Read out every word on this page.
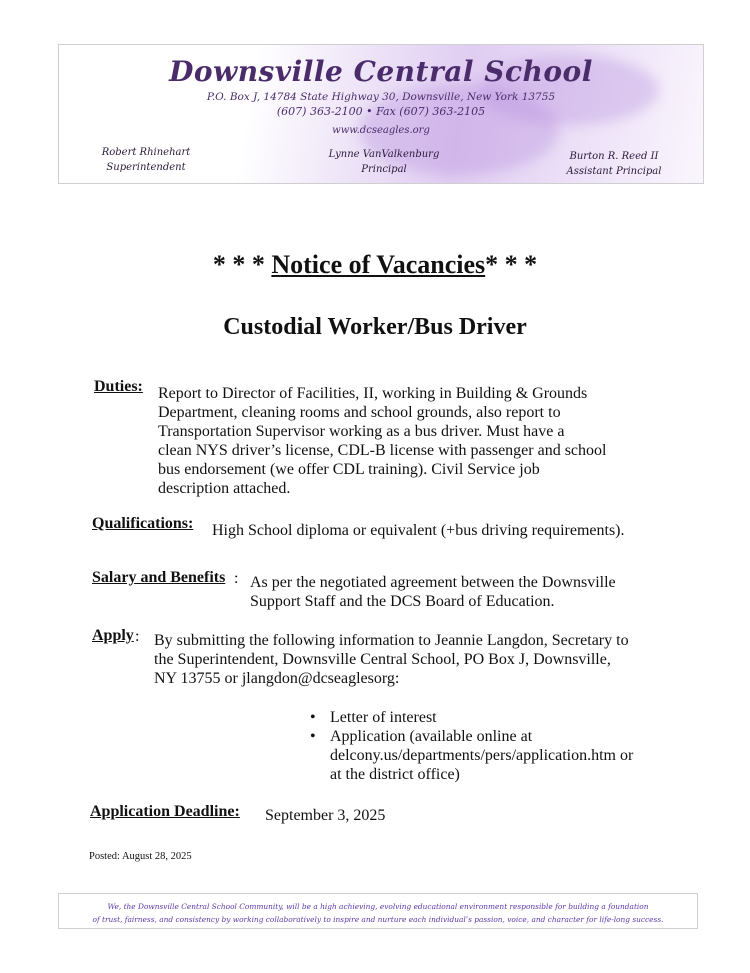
Downsville Central School
P.O. Box J, 14784 State Highway 30, Downsville, New York 13755
(607) 363-2100 • Fax (607) 363-2105
www.dcseagles.org
Robert Rhinehart
Superintendent
Lynne VanValkenburg
Principal
Burton R. Reed II
Assistant Principal
* * * Notice of Vacancies* * *
Custodial Worker/Bus Driver
Duties: Report to Director of Facilities, II, working in Building & Grounds
Department, cleaning rooms and school grounds, also report to
Transportation Supervisor working as a bus driver. Must have a
clean NYS driver’s license, CDL-B license with passenger and school
bus endorsement (we offer CDL training). Civil Service job
description attached.
Qualifications: High School diploma or equivalent (+bus driving requirements).
Salary and Benefits : As per the negotiated agreement between the Downsville
Support Staff and the DCS Board of Education.
Apply : By submitting the following information to Jeannie Langdon, Secretary to
the Superintendent, Downsville Central School, PO Box J, Downsville,
NY 13755 or jlangdon@dcseaglesorg:
• Letter of interest
• Application (available online at
delcony.us/departments/pers/application.htm or
at the district office)
Application Deadline: September 3, 2025
Posted: August 28, 2025
We, the Downsville Central School Community, will be a high achieving, evolving educational environment responsible for building a foundation
of trust, fairness, and consistency by working collaboratively to inspire and nurture each individual’s passion, voice, and character for life-long success.
